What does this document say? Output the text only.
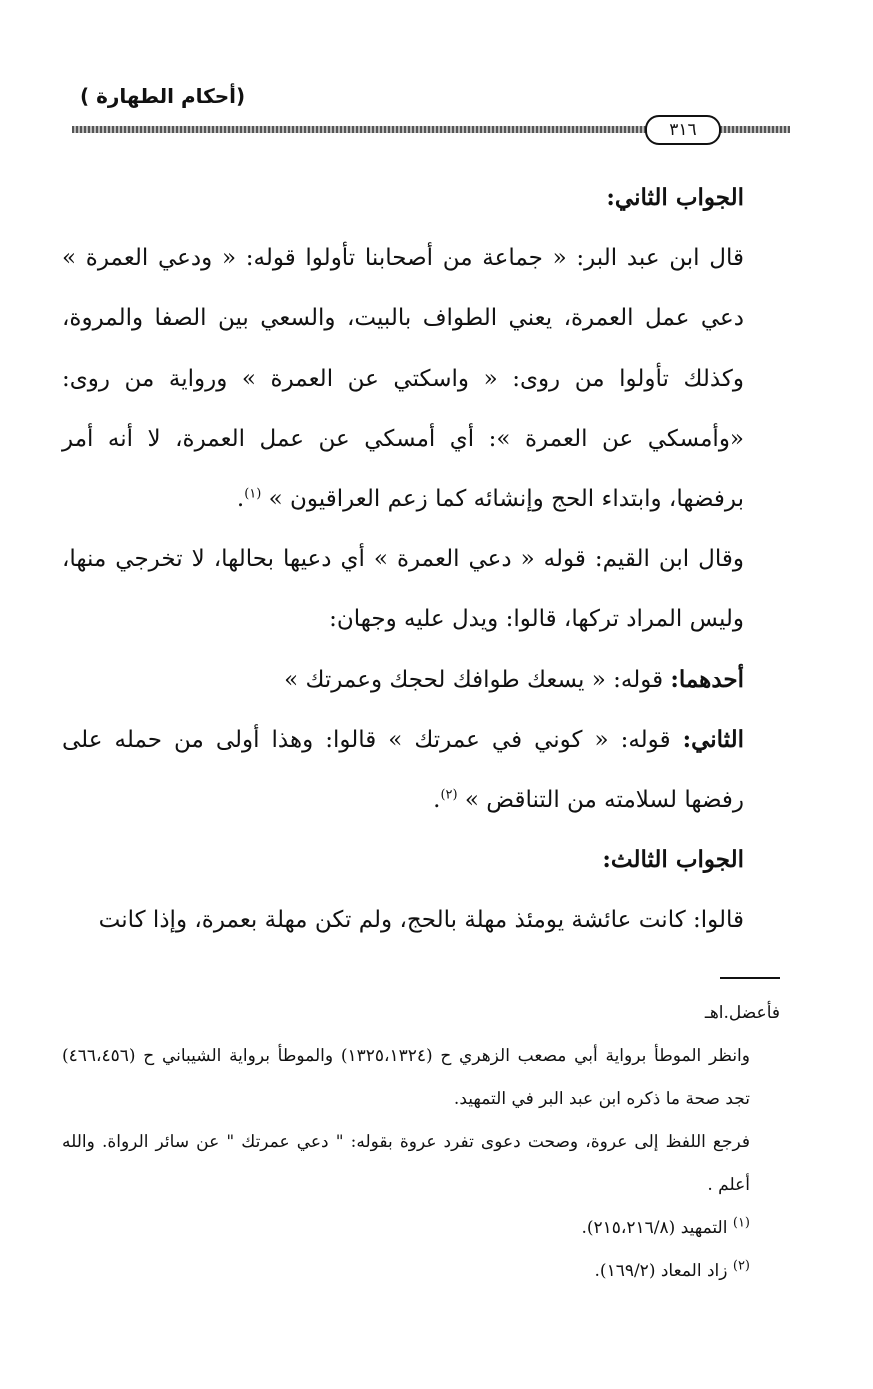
(أحكام الطهارة )
٣١٦

الجواب الثاني:

قال ابن عبد البر: « جماعة من أصحابنا تأولوا قوله: « ودعي العمرة » دعي عمل العمرة، يعني الطواف بالبيت، والسعي بين الصفا والمروة، وكذلك تأولوا من روى: « واسكتي عن العمرة » ورواية من روى: «وأمسكي عن العمرة »: أي أمسكي عن عمل العمرة، لا أنه أمر برفضها، وابتداء الحج وإنشائه كما زعم العراقيون » $^{(١)}$.

وقال ابن القيم: قوله « دعي العمرة » أي دعيها بحالها، لا تخرجي منها، وليس المراد تركها، قالوا: ويدل عليه وجهان:

أحدهما: قوله: « يسعك طوافك لحجك وعمرتك »

الثاني: قوله: « كوني في عمرتك » قالوا: وهذا أولى من حمله على رفضها لسلامته من التناقض » $^{(٢)}$.

الجواب الثالث:

قالوا: كانت عائشة يومئذ مهلة بالحج، ولم تكن مهلة بعمرة، وإذا كانت

فأعضل.اهـ

وانظر الموطأ برواية أبي مصعب الزهري ح (١٣٢٥،١٣٢٤) والموطأ برواية الشيباني ح (٤٦٦،٤٥٦) تجد صحة ما ذكره ابن عبد البر في التمهيد.

فرجع اللفظ إلى عروة، وصحت دعوى تفرد عروة بقوله: " دعي عمرتك " عن سائر الرواة. والله أعلم .

$^{(١)}$ التمهيد (٢١٥،٢١٦/٨).

$^{(٢)}$ زاد المعاد (١٦٩/٢).
